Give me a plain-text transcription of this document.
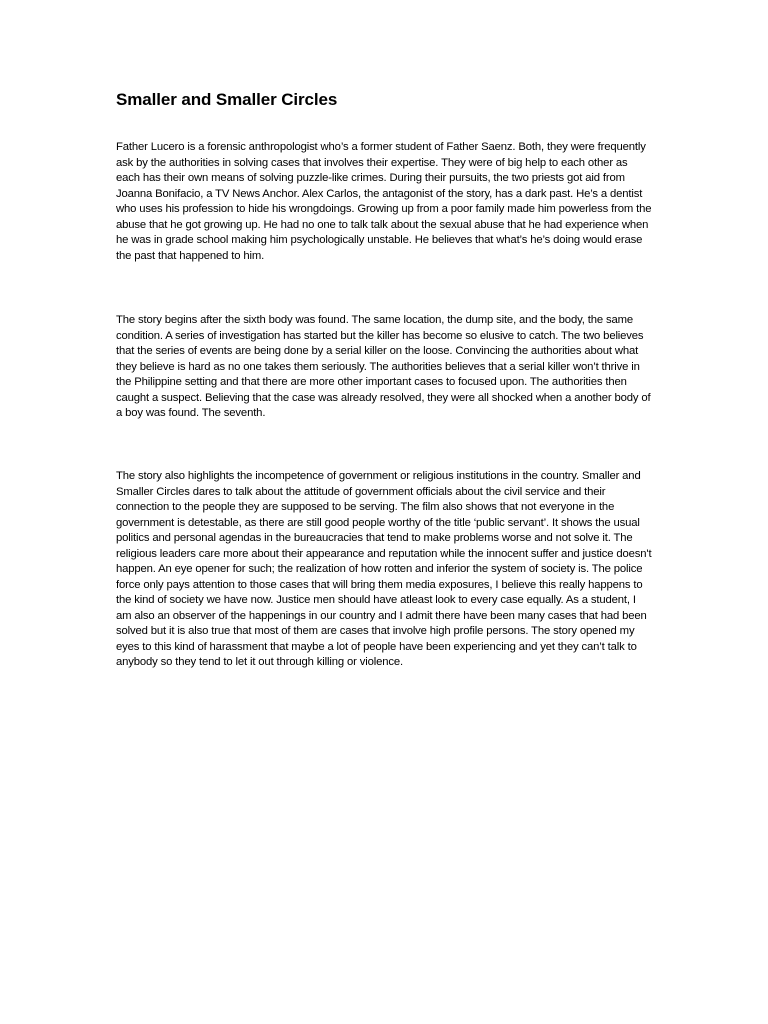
Smaller and Smaller Circles

Father Lucero is a forensic anthropologist who’s a former student of Father Saenz. Both, they were frequently ask by the authorities in solving cases that involves their expertise. They were of big help to each other as each has their own means of solving puzzle-like crimes. During their pursuits, the two priests got aid from Joanna Bonifacio, a TV News Anchor. Alex Carlos, the antagonist of the story, has a dark past. He’s a dentist who uses his profession to hide his wrongdoings. Growing up from a poor family made him powerless from the abuse that he got growing up. He had no one to talk talk about the sexual abuse that he had experience when he was in grade school making him psychologically unstable. He believes that what’s he’s doing would erase the past that happened to him.

The story begins after the sixth body was found. The same location, the dump site, and the body, the same condition. A series of investigation has started but the killer has become so elusive to catch. The two believes that the series of events are being done by a serial killer on the loose. Convincing the authorities about what they believe is hard as no one takes them seriously. The authorities believes that a serial killer won’t thrive in the Philippine setting and that there are more other important cases to focused upon. The authorities then caught a suspect. Believing that the case was already resolved, they were all shocked when a another body of a boy was found. The seventh.

The story also highlights the incompetence of government or religious institutions in the country. Smaller and Smaller Circles dares to talk about the attitude of government officials about the civil service and their connection to the people they are supposed to be serving. The film also shows that not everyone in the government is detestable, as there are still good people worthy of the title ‘public servant’. It shows the usual politics and personal agendas in the bureaucracies that tend to make problems worse and not solve it. The religious leaders care more about their appearance and reputation while the innocent suffer and justice doesn't happen. An eye opener for such; the realization of how rotten and inferior the system of society is. The police force only pays attention to those cases that will bring them media exposures, I believe this really happens to the kind of society we have now. Justice men should have atleast look to every case equally. As a student, I am also an observer of the happenings in our country and I admit there have been many cases that had been solved but it is also true that most of them are cases that involve high profile persons. The story opened my eyes to this kind of harassment that maybe a lot of people have been experiencing and yet they can’t talk to anybody so they tend to let it out through killing or violence.
